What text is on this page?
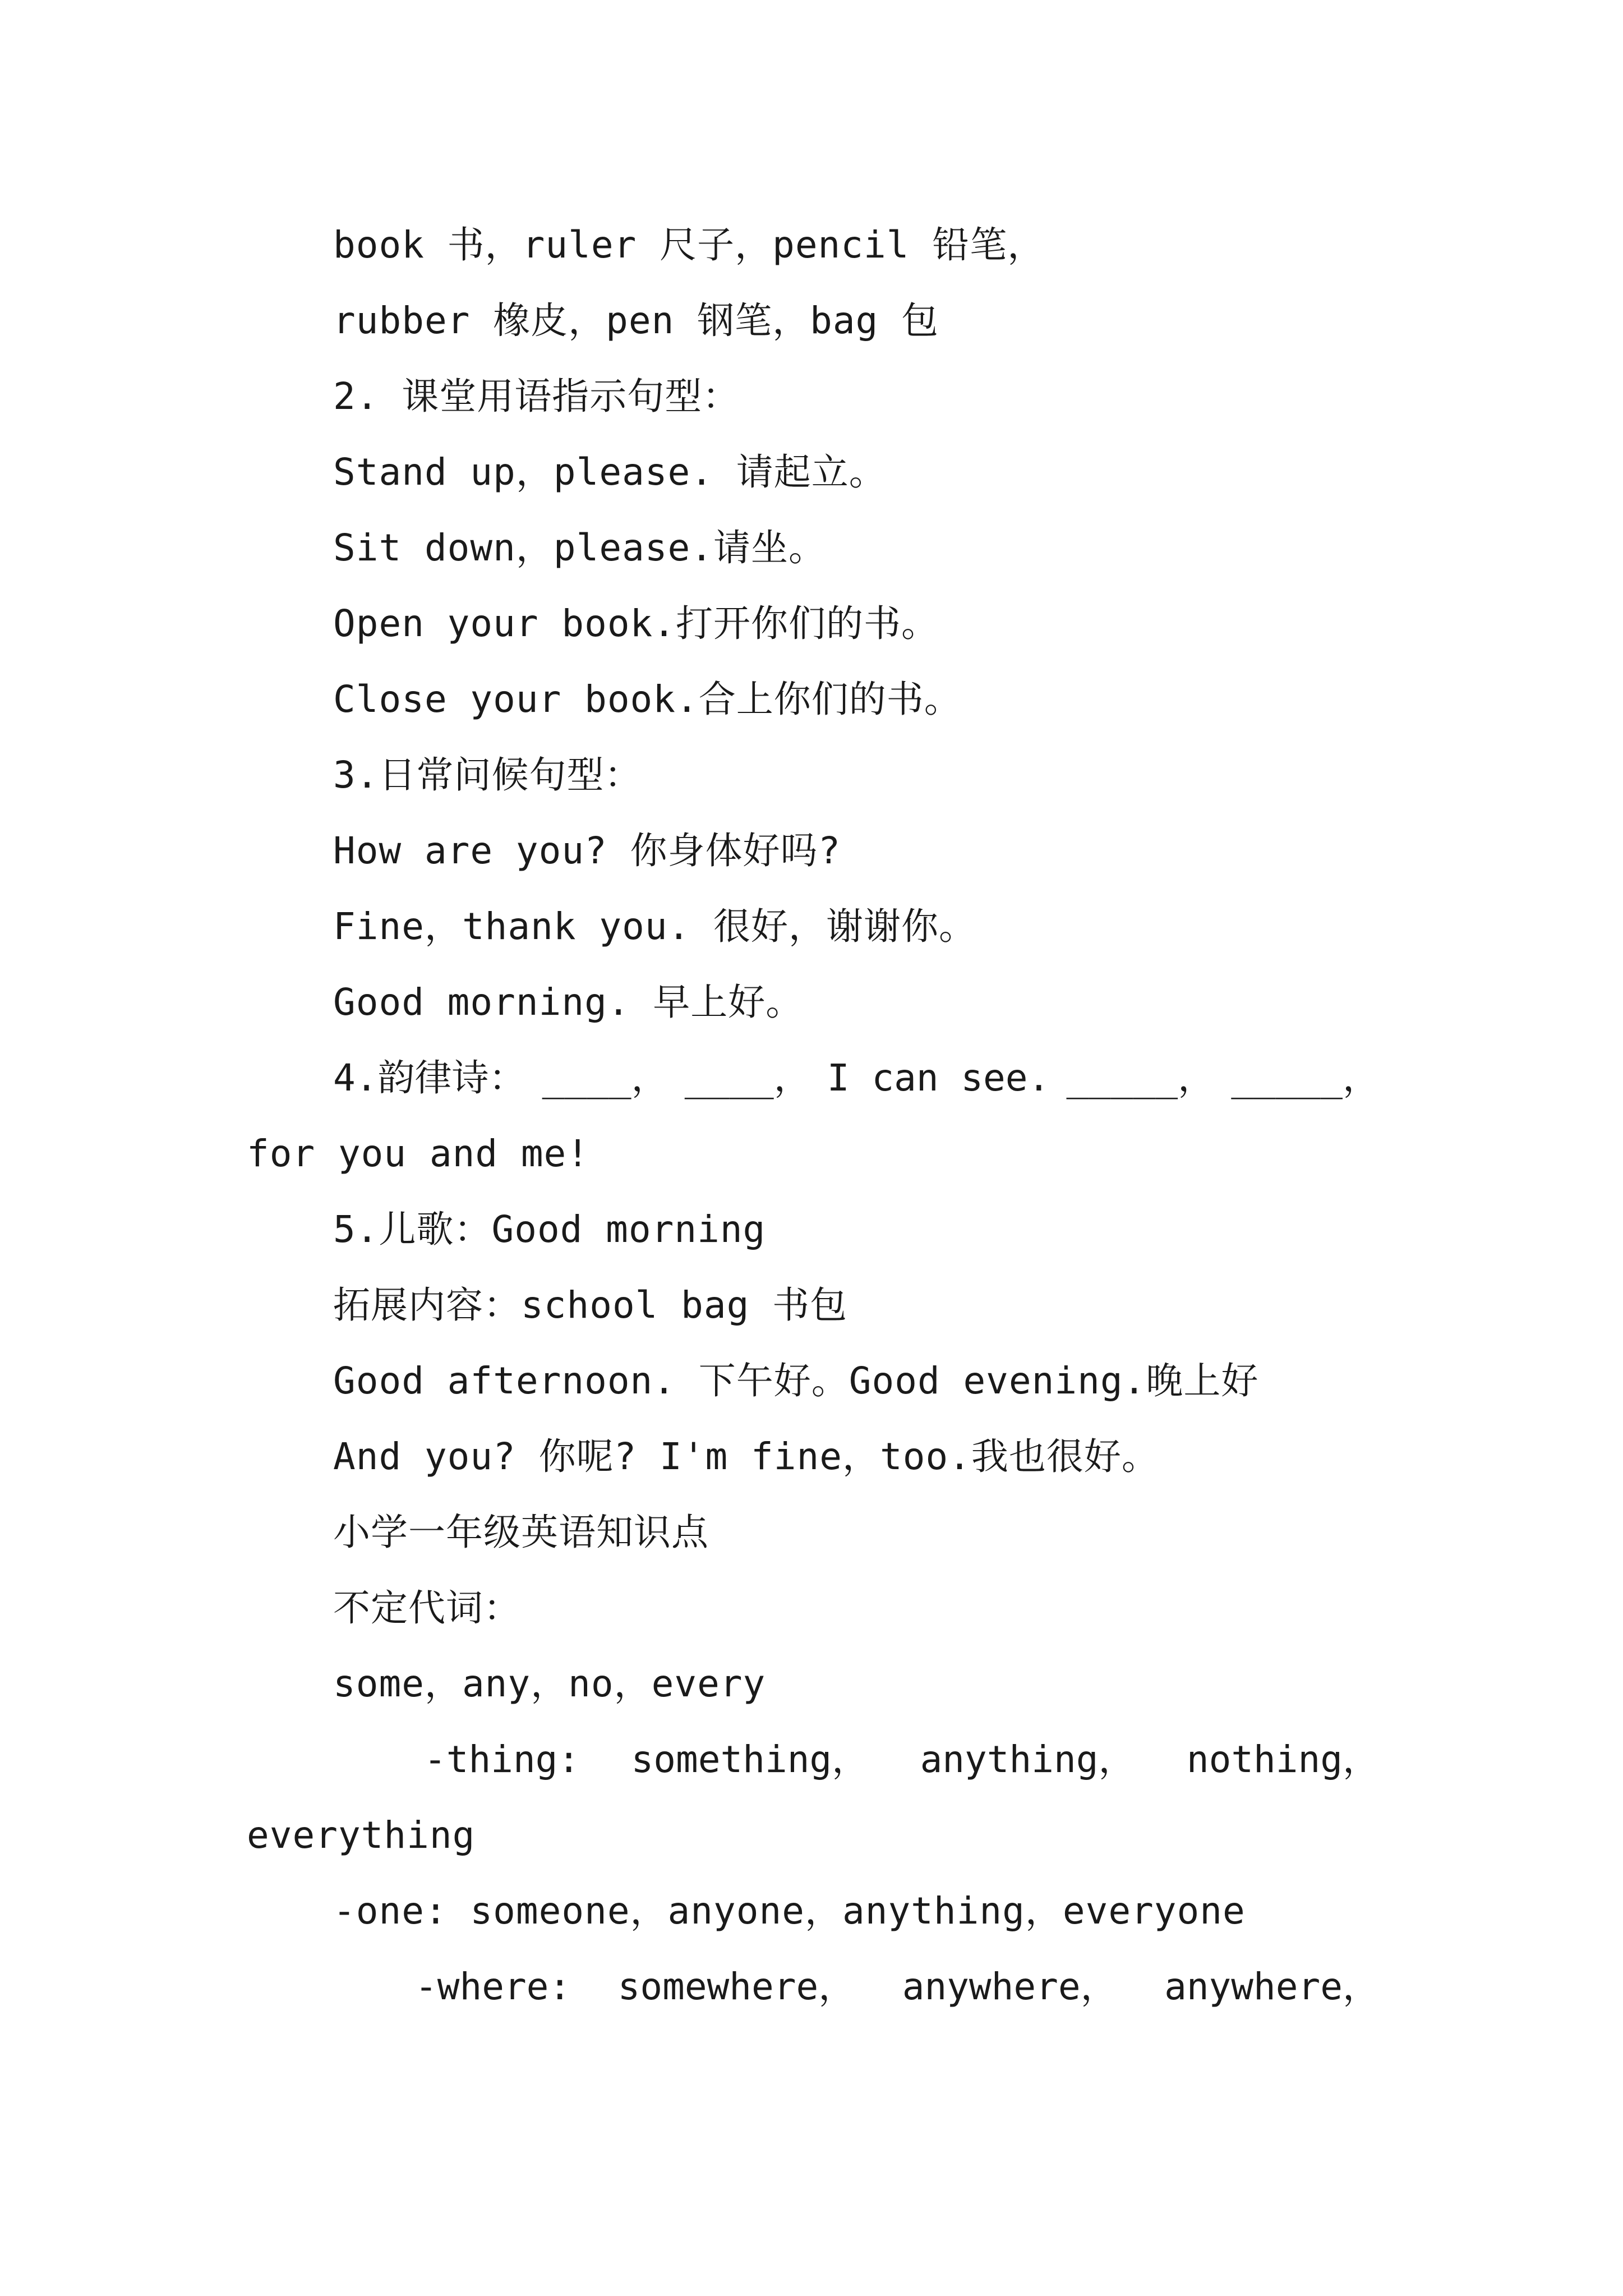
book 书，ruler 尺子，pencil 铅笔，
rubber 橡皮，pen 钢笔，bag 包
2. 课堂用语指示句型：
Stand up，please. 请起立。
Sit down，please.请坐。
Open your book.打开你们的书。
Close your book.合上你们的书。
3.日常问候句型：
How are you? 你身体好吗?
Fine，thank you. 很好，谢谢你。
Good morning. 早上好。
4.韵律诗： ____， ____， I can see. _____， _____，
for you and me!
5.儿歌：Good morning
拓展内容：school bag 书包
Good afternoon. 下午好。Good evening.晚上好
And you? 你呢? I'm fine，too.我也很好。
小学一年级英语知识点
不定代词：
some，any，no，every
-thing: something， anything， nothing，
everything
-one: someone，anyone，anything，everyone
-where: somewhere， anywhere， anywhere，
